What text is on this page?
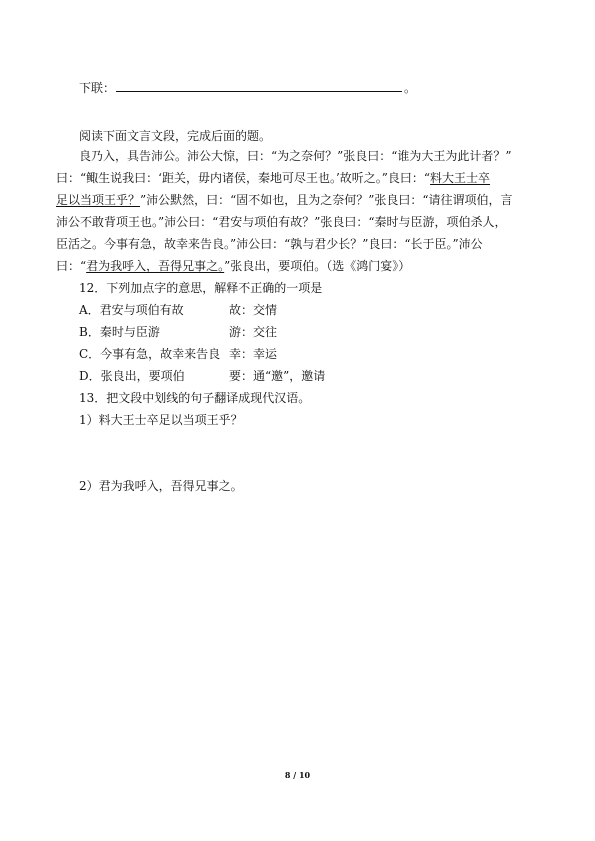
下联：	。
阅读下面文言文段，完成后面的题。
良乃入，具告沛公。沛公大惊，曰：“为之奈何？”张良曰：“谁为大王为此计者？”
曰：“鲰生说我曰：‘距关，毋内诸侯，秦地可尽王也。’故听之。”良曰：“料大王士卒
足以当项王乎？”沛公默然，曰：“固不如也，且为之奈何？”张良曰：“请往谓项伯，言
沛公不敢背项王也。”沛公曰：“君安与项伯有故？”张良曰：“秦时与臣游，项伯杀人，
臣活之。今事有急，故幸来告良。”沛公曰：“孰与君少长？”良曰：“长于臣。”沛公
曰：“君为我呼入，吾得兄事之。”张良出，要项伯。（选《鸿门宴》）
12．下列加点字的意思，解释不正确的一项是
A．君安与项伯有故	故：交情
B．秦时与臣游	游：交往
C．今事有急，故幸来告良 幸：幸运
D．张良出，要项伯	要：通“邀”，邀请
13．把文段中划线的句子翻译成现代汉语。
1）料大王士卒足以当项王乎？
2）君为我呼入，吾得兄事之。
8 / 10
